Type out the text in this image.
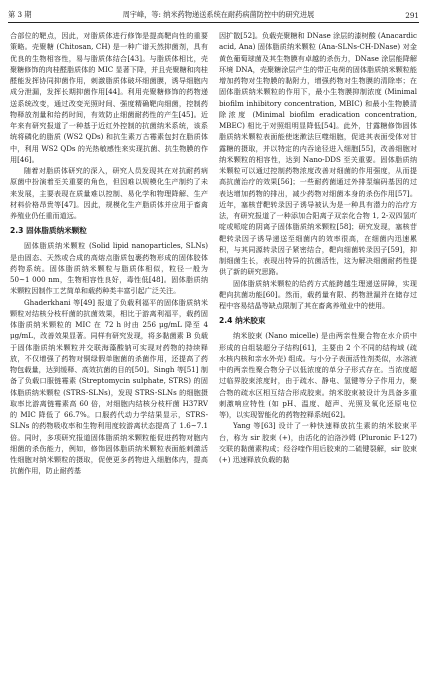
第 3 期	周宇峰，等: 纳米药物递送系统在耐药病菌防控中的研究进展	291

合部位的靶点，因此，对脂质体进行修饰是提高靶向性的重要策略。壳聚糖 (Chitosan, CH) 是一种广谱天然抑菌剂，具有优良的生物相容性，易与脂质体结合[43]。与脂质体相比，壳聚糖修饰的肉桂醛脂质体的 MIC 显著下降，并且壳聚糖和肉桂醛能发挥协同抑菌作用，刺激脂质体破坏细菌膜，诱导细胞内成分泄漏，发挥长期抑菌作用[44]。利用壳聚糖修饰的药物递送系统改变，通过改变光照时间、强度精确靶向细菌，控制药物释放剂量和给药时间，有效防止细菌耐药性的产生[45]。近年来有研究报道了一种基于近红外控制的抗菌纳米系统，该系统将磷化的脂质 (WS2 QDs) 和抗生素万古霉素包封在脂质体中，利用 WS2 QDs 的光热敏感性来实现抗菌、抗生物膜的作用[46]。

随着对脂质体研究的深入，研究人员发现其在对抗耐药病原菌中扮演着至关重要的角色，但因难以规模化生产制约了未来发展，主要表现在质量难以控制、易化学和物理降解、生产材料价格昂贵等[47]。因此，规模化生产脂质体并应用于畜禽养殖业仍任重而道远。

2.3 固体脂质纳米颗粒

固体脂质纳米颗粒 (Solid lipid nanoparticles, SLNs) 是由固态、天然或合成的高熔点脂质包裹药物形成的固体胶体药物系统。固体脂质纳米颗粒与脂质体相似，粒径一般为 50~1 000 nm，生物相容性良好，毒性低[48]。固体脂质纳米颗粒因制作工艺简单和载药种类丰富引起广泛关注。

Ghaderkhani 等[49] 报道了负载利福平的固体脂质纳米颗粒对结核分枝杆菌的抗菌效果，相比于游离利福平，载药固体脂质纳米颗粒的 MIC 在 72 h 时由 256 μg/mL 降至 4 μg/mL，改善效果显著。同样有研究发现，将多黏菌素 B 负载于固体脂质纳米颗粒并交联海藻酸钠可实现对药物的持续释放，不仅增强了药物对铜绿假单胞菌的杀菌作用，还提高了药物包载量，达到缓释、高效抗菌的目的[50]。Singh 等[51] 制备了负载口服链霉素 (Streptomycin sulphate, STRS) 的固体脂质纳米颗粒 (STRS-SLNs)，发现 STRS-SLNs 的细胞摄取率比游离链霉素高 60 倍，对细胞内结核分枝杆菌 H37RV 的 MIC 降低了 66.7%。口服药代动力学结果显示，STRS-SLNs 的药物吸收率和生物利用度较游离状态提高了 1.6~7.1 倍。同时，多项研究报道固体脂质纳米颗粒能促进药物对胞内细菌的杀伤能力，例如，修饰固体脂质纳米颗粒表面能刺激活性细胞对纳米颗粒的摄取，促使更多药物进入细胞体内，提高抗菌作用，防止耐药基

因扩散[52]。负载壳聚糖和 DNase 涂层的漆树酸 (Anacardic acid, Ana) 固体脂质纳米颗粒 (Ana-SLNs-CH-DNase) 对金黄色葡萄球菌及其生物膜有卓越的杀伤力，DNase 涂层能降解环境 DNA，壳聚糖涂层产生的带正电荷的固体脂质纳米颗粒能增加药物对生物膜的黏附力，增强药物对生物膜的清除率；在固体脂质纳米颗粒的作用下，最小生物膜抑制浓度 (Minimal biofilm inhibitory concentration, MBIC) 和最小生物膜清除浓度 (Minimal biofilm eradication concentration, MBEC) 相比于对照组明显降低[54]。此外，甘露糖修饰固体脂质纳米颗粒表面能使迷漱法巨噬细胞，促进其表面受体对甘露糖的摄取，并以特定的内吞途径进入细胞[55]，改善细胞对纳米颗粒的相容性，达到 Nano-DDS 至关重要。固体脂质纳米颗粒可以通过控制药物浓度改善对细菌的作用强度，从而提高抗菌治疗的效果[56]；一些耐药菌通过外排泵编码基因的过表达增加药物的排出，减少药物对细菌本身的杀伤作用[57]。近年，塞核苷靶转录因子诱导被认为是一种具有潜力的治疗方法，有研究报道了一种添加合阳离子双亲化合物 1, 2-双四氢吖啶或哌啶的阴离子固体脂质纳米颗粒[58]；研究发现，塞核苷靶转录因子诱导递送至细菌内的效率很高，在细菌内迅速累积，与其同源转录因子紧密结合，靶向细菌转录因子[59]，抑制细菌生长，表现出特异的抗菌活性，这为解决细菌耐药性提供了新的研究思路。

固体脂质纳米颗粒的给药方式能跨越生理递送屏障，实现靶向抗菌功能[60]。然而，载药量有限、药物泄漏并在储存过程中容易结晶等缺点限制了其在畜禽养殖业中的使用。

2.4 纳米胶束

纳米胶束 (Nano micelle) 是由两亲性聚合物在水介质中形成的自组装超分子结构[61]，主要由 2 个不同的结构域 (疏水核内核和亲水外壳) 组成。与小分子表面活性剂类似，水溶液中的两亲性聚合物分子以低浓度的单分子形式存在。当浓度超过临界胶束浓度时，由于疏水、静电、氢键等分子作用力，聚合物的疏水区相互结合形成胶束。纳米胶束被设计为具备多重刺激响应特性 (如 pH、温度、超声、光照及氧化还原电位等)，以实现智能化的药物控释系统[62]。

Yang 等[63] 设计了一种快速释放抗生素的纳米胶束平台，称为 sir 胶束 (+)，由活化的泊洛沙姆 (Pluronic F-127) 交联的黏菌素构成；经谷喹作用后胶束的二硫键裂解，sir 胶束 (+) 迅速释放负载的黏
